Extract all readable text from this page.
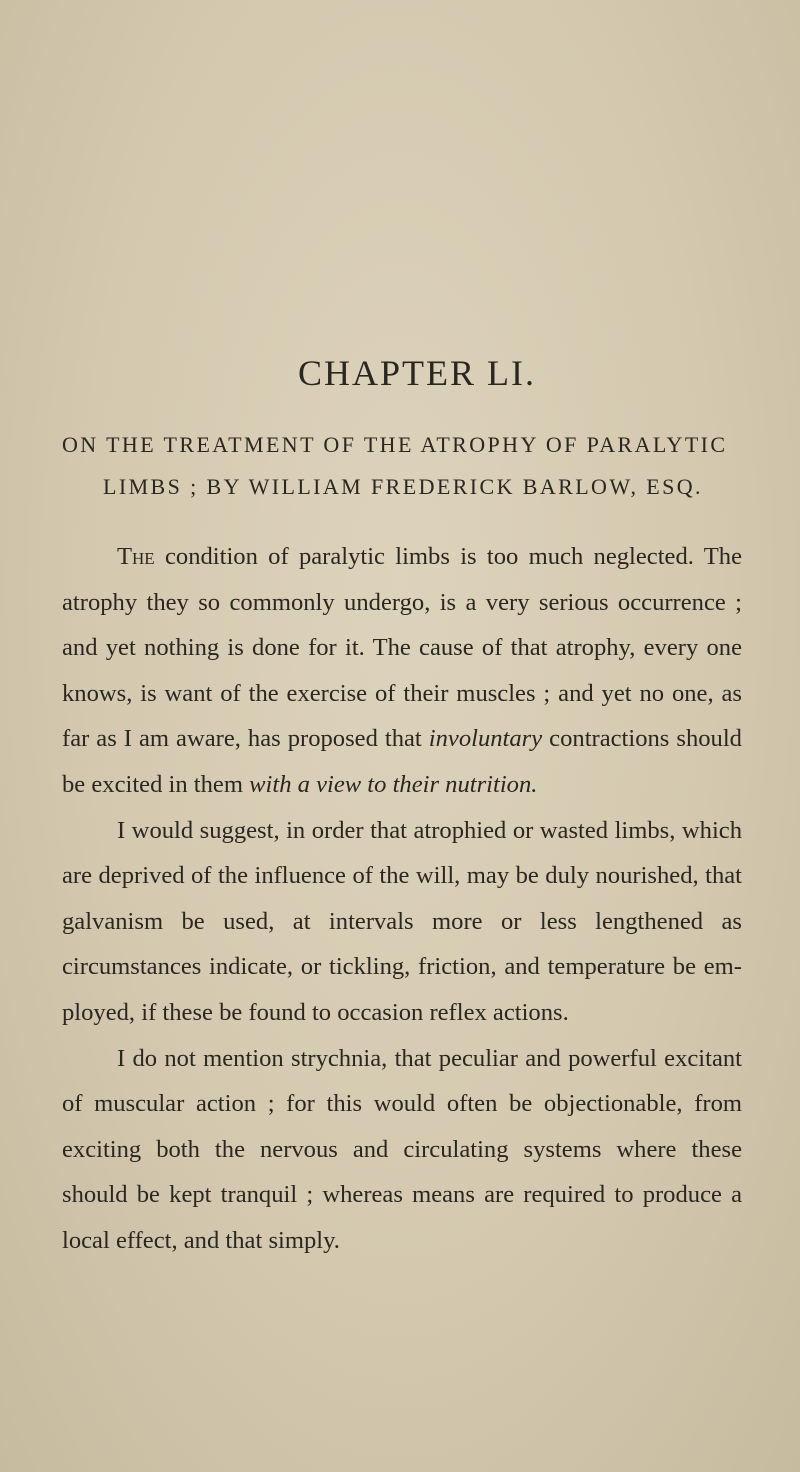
CHAPTER LI.
ON THE TREATMENT OF THE ATROPHY OF PARALYTIC
LIMBS ; BY WILLIAM FREDERICK BARLOW, ESQ.

The condition of paralytic limbs is too much neglected. The atrophy they so commonly undergo, is a very serious occurrence ; and yet nothing is done for it. The cause of that atrophy, every one knows, is want of the exercise of their muscles ; and yet no one, as far as I am aware, has proposed that involuntary contractions should be excited in them with a view to their nutrition.

I would suggest, in order that atrophied or wasted limbs, which are deprived of the influence of the will, may be duly nourished, that galvanism be used, at intervals more or less lengthened as circumstances indicate, or tickling, friction, and temperature be employed, if these be found to occasion reflex actions.

I do not mention strychnia, that peculiar and powerful excitant of muscular action ; for this would often be objectionable, from exciting both the nervous and circulating systems where these should be kept tranquil ; whereas means are required to produce a local effect, and that simply.
